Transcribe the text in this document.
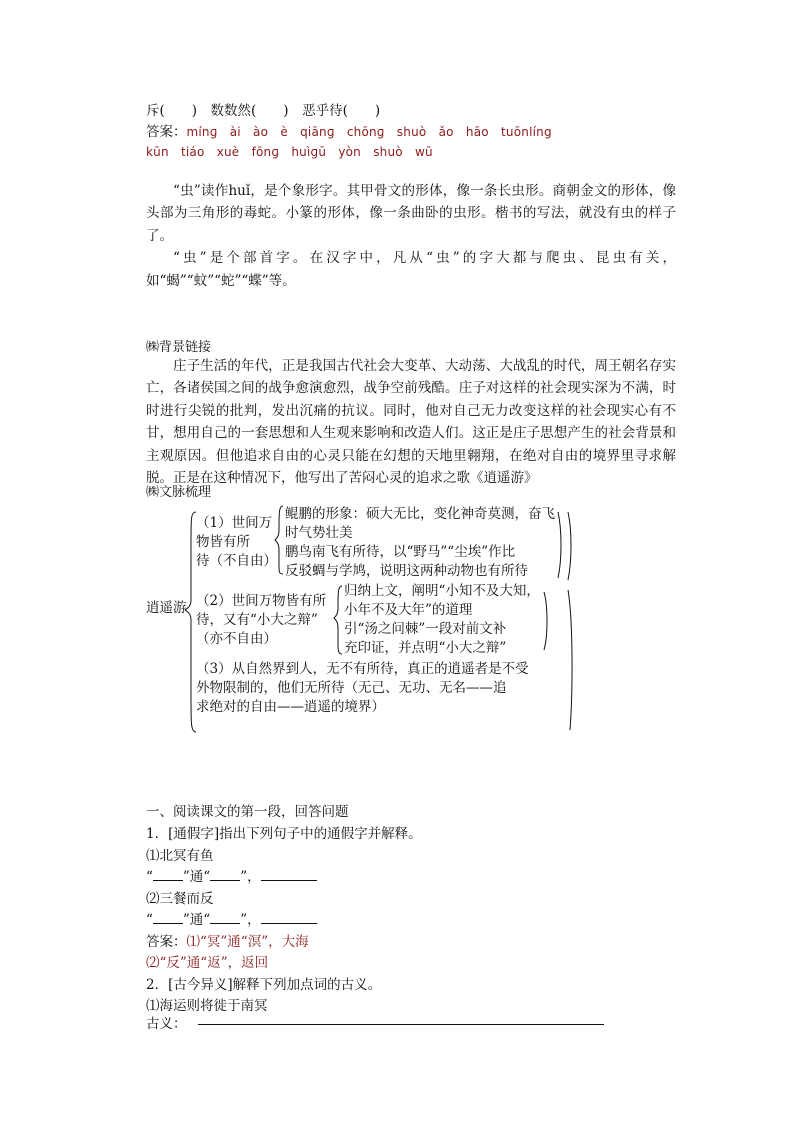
斥(　　)　数数然(　　)　恶乎待(　　)
答案：mínɡ　ài　ào　è　qiānɡ　chōnɡ　shuò　ǎo　hāo　tuōnlíng
kūn　tiáo　xuè　fōnɡ　huìɡū　yòn　shuò　wū

“虫”读作huǐ，是个象形字。其甲骨文的形体，像一条长虫形。商朝金文的形体，像头部为三角形的毒蛇。小篆的形体，像一条曲卧的虫形。楷书的写法，就没有虫的样子了。

“虫”是个部首字。在汉字中，凡从“虫”的字大都与爬虫、昆虫有关，如“蝎”“蚊”“蛇”“蝶”等。

㈱背景链接

庄子生活的年代，正是我国古代社会大变革、大动荡、大战乱的时代，周王朝名存实亡，各诸侯国之间的战争愈演愈烈，战争空前残酷。庄子对这样的社会现实深为不满，时时进行尖锐的批判，发出沉痛的抗议。同时，他对自己无力改变这样的社会现实心有不甘，想用自己的一套思想和人生观来影响和改造人们。这正是庄子思想产生的社会背景和主观原因。但他追求自由的心灵只能在幻想的天地里翱翔，在绝对自由的境界里寻求解脱。正是在这种情况下，他写出了苦闷心灵的追求之歌《逍遥游》

㈱文脉梳理
逍遥游
（1）世间万
物皆有所
待（不自由）
鲲鹏的形象：硕大无比，变化神奇莫测，奋飞
时气势壮美
鹏鸟南飞有所待，以“野马”“尘埃”作比
反驳蜩与学鸠，说明这两种动物也有所待
（2）世间万物皆有所
待，又有“小大之辩”
（亦不自由）
归纳上文，阐明“小知不及大知，
小年不及大年”的道理
引“汤之问棘”一段对前文补
充印证，并点明“小大之辩”
（3）从自然界到人，无不有所待，真正的逍遥者是不受
外物限制的，他们无所待（无己、无功、无名——追
求绝对的自由——逍遥的境界）
一、阅读课文的第一段，回答问题
1．[通假字]指出下列句子中的通假字并解释。
⑴北冥有鱼
“ ”通“ ”，
⑵三餐而反
“ ”通“ ”，
答案：⑴“冥”通“溟”，大海
⑵“反”通“返”，返回
2．[古今异义]解释下列加点词的古义。
⑴海运则将徙于南冥
古义：
